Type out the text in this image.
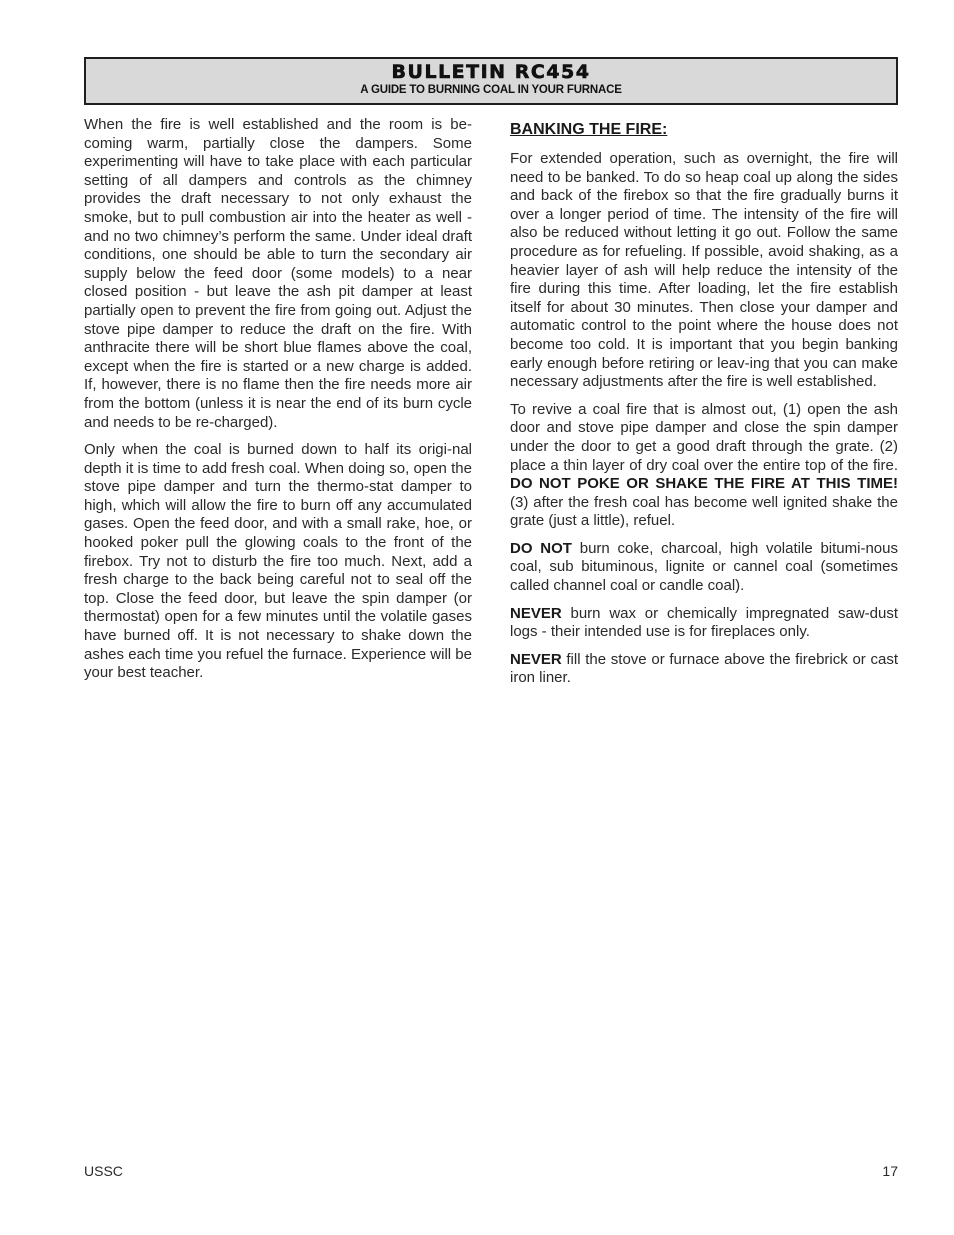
BULLETIN RC454
A GUIDE TO BURNING COAL IN YOUR FURNACE

When the fire is well established and the room is be-coming warm, partially close the dampers. Some experimenting will have to take place with each particular setting of all dampers and controls as the chimney provides the draft necessary to not only exhaust the smoke, but to pull combustion air into the heater as well - and no two chimney’s perform the same. Under ideal draft conditions, one should be able to turn the secondary air supply below the feed door (some models) to a near closed position - but leave the ash pit damper at least partially open to prevent the fire from going out. Adjust the stove pipe damper to reduce the draft on the fire. With anthracite there will be short blue flames above the coal, except when the fire is started or a new charge is added. If, however, there is no flame then the fire needs more air from the bottom (unless it is near the end of its burn cycle and needs to be re-charged).

Only when the coal is burned down to half its origi-nal depth it is time to add fresh coal. When doing so, open the stove pipe damper and turn the thermo-stat damper to high, which will allow the fire to burn off any accumulated gases. Open the feed door, and with a small rake, hoe, or hooked poker pull the glowing coals to the front of the firebox. Try not to disturb the fire too much. Next, add a fresh charge to the back being careful not to seal off the top. Close the feed door, but leave the spin damper (or thermostat) open for a few minutes until the volatile gases have burned off. It is not necessary to shake down the ashes each time you refuel the furnace. Experience will be your best teacher.

BANKING THE FIRE:

For extended operation, such as overnight, the fire will need to be banked. To do so heap coal up along the sides and back of the firebox so that the fire gradually burns it over a longer period of time. The intensity of the fire will also be reduced without letting it go out. Follow the same procedure as for refueling. If possible, avoid shaking, as a heavier layer of ash will help reduce the intensity of the fire during this time. After loading, let the fire establish itself for about 30 minutes. Then close your damper and automatic control to the point where the house does not become too cold. It is important that you begin banking early enough before retiring or leav-ing that you can make necessary adjustments after the fire is well established.

To revive a coal fire that is almost out, (1) open the ash door and stove pipe damper and close the spin damper under the door to get a good draft through the grate. (2) place a thin layer of dry coal over the entire top of the fire. DO NOT POKE OR SHAKE THE FIRE AT THIS TIME! (3) after the fresh coal has become well ignited shake the grate (just a little), refuel.

DO NOT burn coke, charcoal, high volatile bitumi-nous coal, sub bituminous, lignite or cannel coal (sometimes called channel coal or candle coal).

NEVER burn wax or chemically impregnated saw-dust logs - their intended use is for fireplaces only.

NEVER fill the stove or furnace above the firebrick or cast iron liner.

USSC	17
